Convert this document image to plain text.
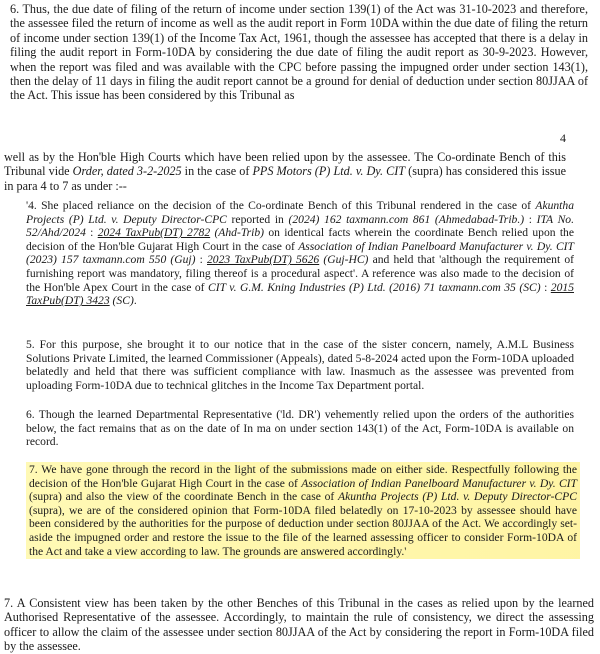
6. Thus, the due date of filing of the return of income under section 139(1) of the Act was 31-10-2023 and therefore, the assessee filed the return of income as well as the audit report in Form 10DA within the due date of filing the return of income under section 139(1) of the Income Tax Act, 1961, though the assessee has accepted that there is a delay in filing the audit report in Form-10DA by considering the due date of filing the audit report as 30-9-2023. However, when the report was filed and was available with the CPC before passing the impugned order under section 143(1), then the delay of 11 days in filing the audit report cannot be a ground for denial of deduction under section 80JJAA of the Act. This issue has been considered by this Tribunal as

4

well as by the Hon'ble High Courts which have been relied upon by the assessee. The Co-ordinate Bench of this Tribunal vide Order, dated 3-2-2025 in the case of PPS Motors (P) Ltd. v. Dy. CIT (supra) has considered this issue in para 4 to 7 as under :--

'4. She placed reliance on the decision of the Co-ordinate Bench of this Tribunal rendered in the case of Akuntha Projects (P) Ltd. v. Deputy Director-CPC reported in (2024) 162 taxmann.com 861 (Ahmedabad-Trib.) : ITA No. 52/Ahd/2024 : 2024 TaxPub(DT) 2782 (Ahd-Trib) on identical facts wherein the coordinate Bench relied upon the decision of the Hon'ble Gujarat High Court in the case of Association of Indian Panelboard Manufacturer v. Dy. CIT (2023) 157 taxmann.com 550 (Guj) : 2023 TaxPub(DT) 5626 (Guj-HC) and held that 'although the requirement of furnishing report was mandatory, filing thereof is a procedural aspect'. A reference was also made to the decision of the Hon'ble Apex Court in the case of CIT v. G.M. Kning Industries (P) Ltd. (2016) 71 taxmann.com 35 (SC) : 2015 TaxPub(DT) 3423 (SC).

5. For this purpose, she brought it to our notice that in the case of the sister concern, namely, A.M.L Business Solutions Private Limited, the learned Commissioner (Appeals), dated 5-8-2024 acted upon the Form-10DA uploaded belatedly and held that there was sufficient compliance with law. Inasmuch as the assessee was prevented from uploading Form-10DA due to technical glitches in the Income Tax Department portal.

6. Though the learned Departmental Representative ('ld. DR') vehemently relied upon the orders of the authorities below, the fact remains that as on the date of In ma on under section 143(1) of the Act, Form-10DA is available on record.

7. We have gone through the record in the light of the submissions made on either side. Respectfully following the decision of the Hon'ble Gujarat High Court in the case of Association of Indian Panelboard Manufacturer v. Dy. CIT (supra) and also the view of the coordinate Bench in the case of Akuntha Projects (P) Ltd. v. Deputy Director-CPC (supra), we are of the considered opinion that Form-10DA filed belatedly on 17-10-2023 by assessee should have been considered by the authorities for the purpose of deduction under section 80JJAA of the Act. We accordingly set-aside the impugned order and restore the issue to the file of the learned assessing officer to consider Form-10DA of the Act and take a view according to law. The grounds are answered accordingly.'

7. A Consistent view has been taken by the other Benches of this Tribunal in the cases as relied upon by the learned Authorised Representative of the assessee. Accordingly, to maintain the rule of consistency, we direct the assessing officer to allow the claim of the assessee under section 80JJAA of the Act by considering the report in Form-10DA filed by the assessee.
